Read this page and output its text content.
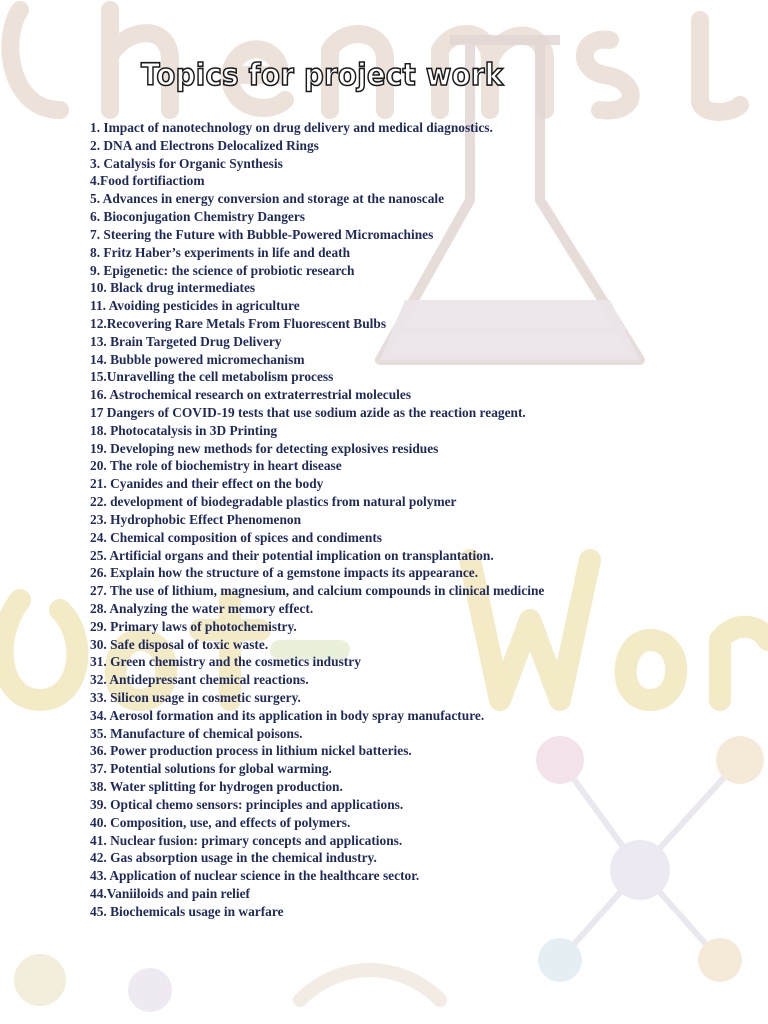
Topics for project work
1. Impact of nanotechnology on drug delivery and medical diagnostics.
2. DNA and Electrons Delocalized Rings
3. Catalysis for Organic Synthesis
4.Food fortifiactiom
5. Advances in energy conversion and storage at the nanoscale
6. Bioconjugation Chemistry Dangers
7. Steering the Future with Bubble-Powered Micromachines
8. Fritz Haber’s experiments in life and death
9. Epigenetic: the science of probiotic research
10. Black drug intermediates
11. Avoiding pesticides in agriculture
12.Recovering Rare Metals From Fluorescent Bulbs
13. Brain Targeted Drug Delivery
14. Bubble powered micromechanism
15.Unravelling the cell metabolism process
16. Astrochemical research on extraterrestrial molecules
17 Dangers of COVID-19 tests that use sodium azide as the reaction reagent.
18. Photocatalysis in 3D Printing
19. Developing new methods for detecting explosives residues
20. The role of biochemistry in heart disease
21. Cyanides and their effect on the body
22. development of biodegradable plastics from natural polymer
23. Hydrophobic Effect Phenomenon
24. Chemical composition of spices and condiments
25. Artificial organs and their potential implication on transplantation.
26. Explain how the structure of a gemstone impacts its appearance.
27. The use of lithium, magnesium, and calcium compounds in clinical medicine
28. Analyzing the water memory effect.
29. Primary laws of photochemistry.
30. Safe disposal of toxic waste.
31. Green chemistry and the cosmetics industry
32. Antidepressant chemical reactions.
33. Silicon usage in cosmetic surgery.
34. Aerosol formation and its application in body spray manufacture.
35. Manufacture of chemical poisons.
36. Power production process in lithium nickel batteries.
37. Potential solutions for global warming.
38. Water splitting for hydrogen production.
39. Optical chemo sensors: principles and applications.
40. Composition, use, and effects of polymers.
41. Nuclear fusion: primary concepts and applications.
42. Gas absorption usage in the chemical industry.
43. Application of nuclear science in the healthcare sector.
44.Vaniiloids and pain relief
45. Biochemicals usage in warfare
